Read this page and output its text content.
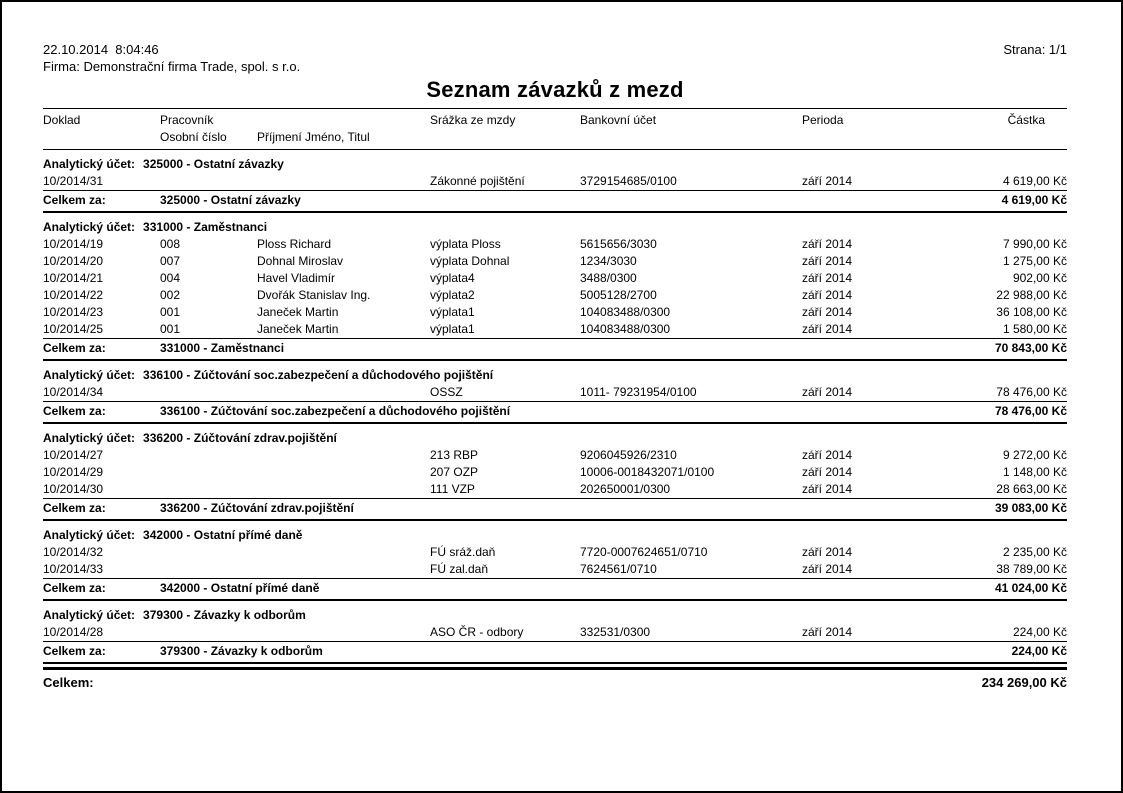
22.10.2014  8:04:46	Strana: 1/1
Firma: Demonstrační firma Trade, spol. s r.o.
Seznam závazků z mezd
Doklad	Pracovník	Srážka ze mzdy	Bankovní účet	Perioda	Částka
Osobní číslo	Příjmení Jméno, Titul
Analytický účet: 325000 - Ostatní závazky
10/2014/31	Zákonné pojištění	3729154685/0100	září 2014	4 619,00 Kč
Celkem za:	325000 - Ostatní závazky	4 619,00 Kč
Analytický účet: 331000 - Zaměstnanci
10/2014/19	008	Ploss Richard	výplata Ploss	5615656/3030	září 2014	7 990,00 Kč
10/2014/20	007	Dohnal Miroslav	výplata Dohnal	1234/3030	září 2014	1 275,00 Kč
10/2014/21	004	Havel Vladimír	výplata4	3488/0300	září 2014	902,00 Kč
10/2014/22	002	Dvořák Stanislav Ing.	výplata2	5005128/2700	září 2014	22 988,00 Kč
10/2014/23	001	Janeček Martin	výplata1	104083488/0300	září 2014	36 108,00 Kč
10/2014/25	001	Janeček Martin	výplata1	104083488/0300	září 2014	1 580,00 Kč
Celkem za:	331000 - Zaměstnanci	70 843,00 Kč
Analytický účet: 336100 - Zúčtování soc.zabezpečení a důchodového pojištění
10/2014/34	OSSZ	1011- 79231954/0100	září 2014	78 476,00 Kč
Celkem za:	336100 - Zúčtování soc.zabezpečení a důchodového pojištění	78 476,00 Kč
Analytický účet: 336200 - Zúčtování zdrav.pojištění
10/2014/27	213 RBP	9206045926/2310	září 2014	9 272,00 Kč
10/2014/29	207 OZP	10006-0018432071/0100	září 2014	1 148,00 Kč
10/2014/30	111 VZP	202650001/0300	září 2014	28 663,00 Kč
Celkem za:	336200 - Zúčtování zdrav.pojištění	39 083,00 Kč
Analytický účet: 342000 - Ostatní přímé daně
10/2014/32	FÚ sráž.daň	7720-0007624651/0710	září 2014	2 235,00 Kč
10/2014/33	FÚ zal.daň	7624561/0710	září 2014	38 789,00 Kč
Celkem za:	342000 - Ostatní přímé daně	41 024,00 Kč
Analytický účet: 379300 - Závazky k odborům
10/2014/28	ASO ČR - odbory	332531/0300	září 2014	224,00 Kč
Celkem za:	379300 - Závazky k odborům	224,00 Kč
Celkem:	234 269,00 Kč
